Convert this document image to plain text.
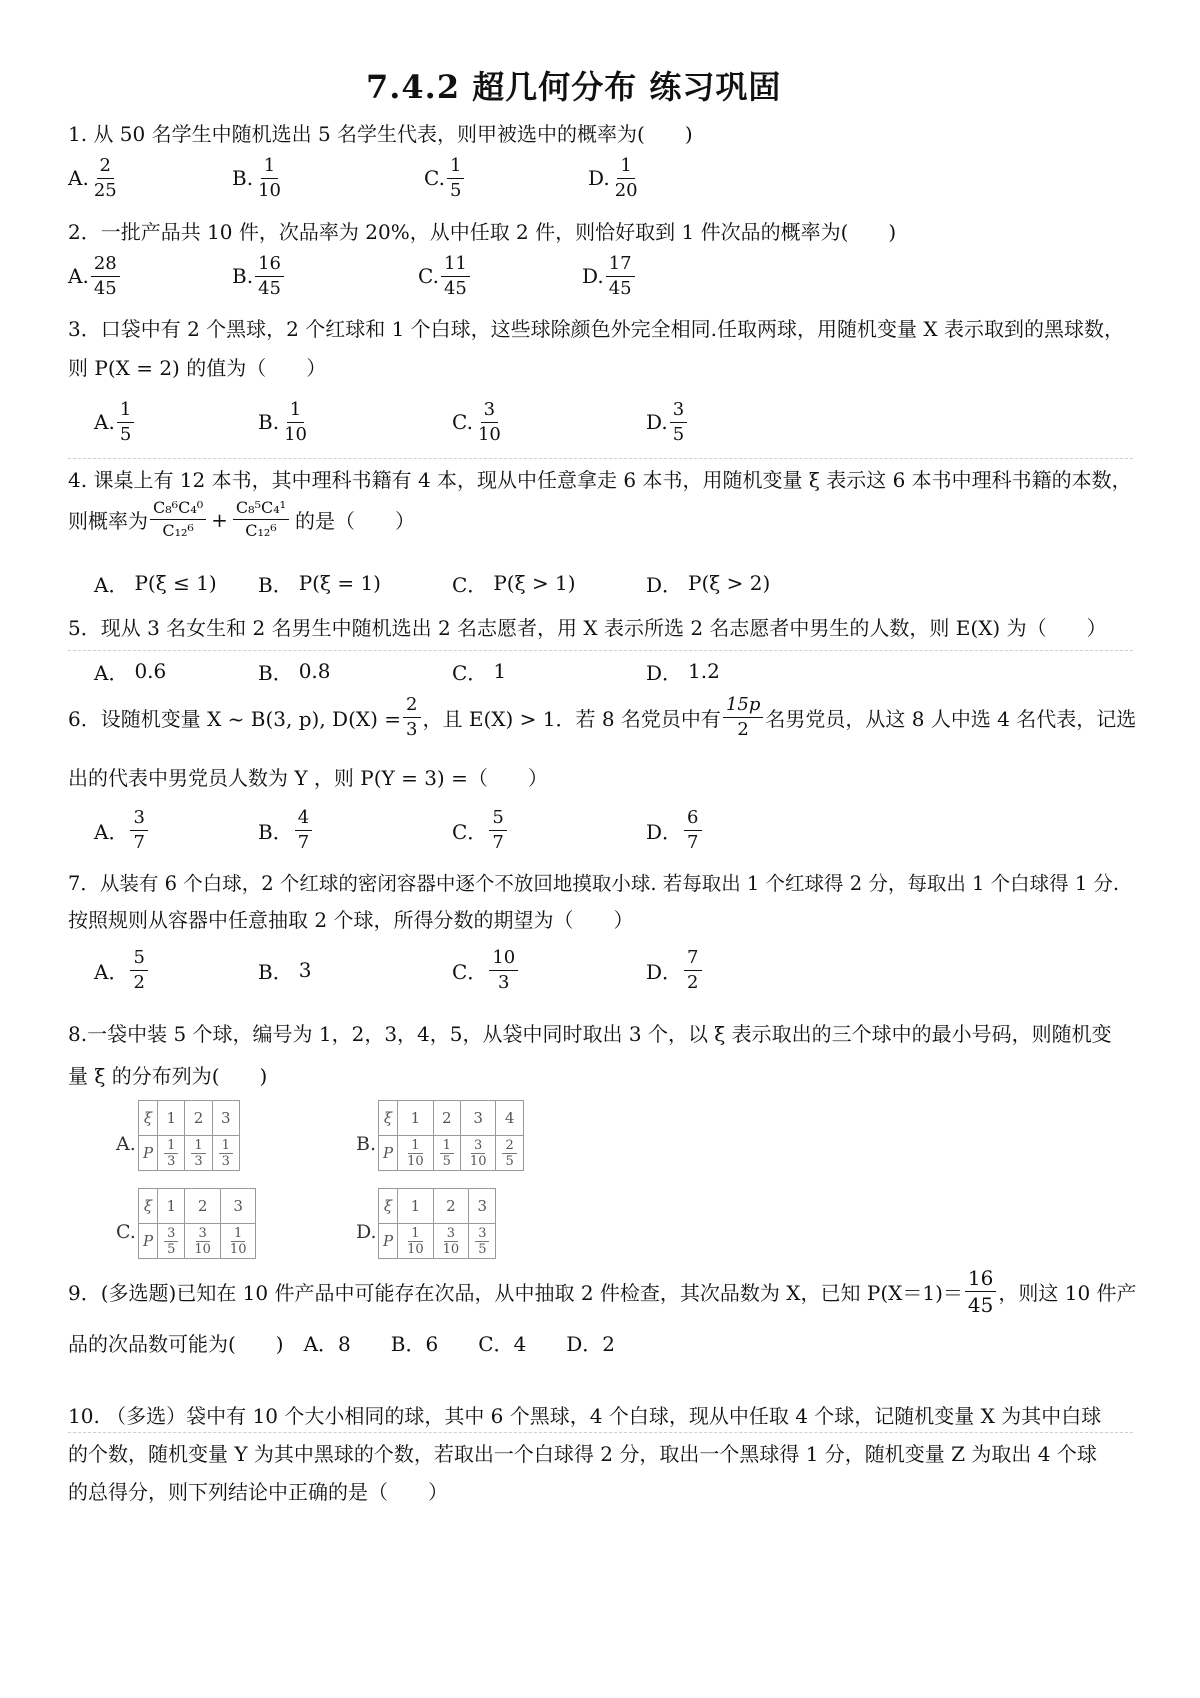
7.4.2 超几何分布 练习巩固
1. 从 50 名学生中随机选出 5 名学生代表，则甲被选中的概率为(　　)
A. $\frac{2}{25}$	B. $\frac{1}{10}$	C. $\frac{1}{5}$	D. $\frac{1}{20}$
2．一批产品共 10 件，次品率为 20%，从中任取 2 件，则恰好取到 1 件次品的概率为(　　)
A. $\frac{28}{45}$	B. $\frac{16}{45}$	C. $\frac{11}{45}$	D. $\frac{17}{45}$
3．口袋中有 2 个黑球，2 个红球和 1 个白球，这些球除颜色外完全相同.任取两球，用随机变量 X 表示取到的黑球数，
则 P(X = 2) 的值为（　　）
A. $\frac{1}{5}$	B. $\frac{1}{10}$	C. $\frac{3}{10}$	D. $\frac{3}{5}$
4. 课桌上有 12 本书，其中理科书籍有 4 本，现从中任意拿走 6 本书，用随机变量 ξ 表示这 6 本书中理科书籍的本数，
则概率为 $\frac{\text{C₈⁶C₄⁰}}{\text{C₁₂⁶}} + \frac{\text{C₈⁵C₄¹}}{\text{C₁₂⁶}}$ 的是（　　）
A． P(ξ ≤ 1) B． P(ξ = 1)	C． P(ξ > 1)	D． P(ξ > 2)
5．现从 3 名女生和 2 名男生中随机选出 2 名志愿者，用 X 表示所选 2 名志愿者中男生的人数，则 E(X) 为（　　）
A． 0.6	B． 0.8	C． 1	D． 1.2
6．设随机变量 X ~ B(3, p), $D(X) = \frac{2}{3}$ ，且 E(X) > 1．若 8 名党员中有 $\frac{15p}{2}$ 名男党员，从这 8 人中选 4 名代表，记选
出的代表中男党员人数为 Y ，则 P(Y = 3) =（　　）
A． $\frac{3}{7}$	B． $\frac{4}{7}$	C． $\frac{5}{7}$	D． $\frac{6}{7}$
7．从装有 6 个白球，2 个红球的密闭容器中逐个不放回地摸取小球. 若每取出 1 个红球得 2 分，每取出 1 个白球得 1 分.
按照规则从容器中任意抽取 2 个球，所得分数的期望为（　　）
A． $\frac{5}{2}$	B． 3	C． $\frac{10}{3}$	D． $\frac{7}{2}$
8.一袋中装 5 个球，编号为 1，2，3，4，5，从袋中同时取出 3 个，以 ξ 表示取出的三个球中的最小号码，则随机变
量 ξ 的分布列为(　　)
A.
ξ	1	2	3
P	$\frac{1}{3}$	$\frac{1}{3}$	$\frac{1}{3}$	B.
ξ	1	2	3	4
P	$\frac{1}{10}$	$\frac{1}{5}$	$\frac{3}{10}$	$\frac{2}{5}$
C.
ξ	1	2	3
P	$\frac{3}{5}$	$\frac{3}{10}$	$\frac{1}{10}$	D.
ξ	1	2	3
P	$\frac{1}{10}$	$\frac{3}{10}$	$\frac{3}{5}$
9．(多选题)已知在 10 件产品中可能存在次品，从中抽取 2 件检查，其次品数为 X，已知 $P(X=1)= \frac{16}{45}$ ，则这 10 件产
品的次品数可能为(　　)　A．8　　B．6　　C．4　　D．2
10. （多选）袋中有 10 个大小相同的球，其中 6 个黑球，4 个白球，现从中任取 4 个球，记随机变量 X 为其中白球
的个数，随机变量 Y 为其中黑球的个数，若取出一个白球得 2 分，取出一个黑球得 1 分，随机变量 Z 为取出 4 个球
的总得分，则下列结论中正确的是（　　）
